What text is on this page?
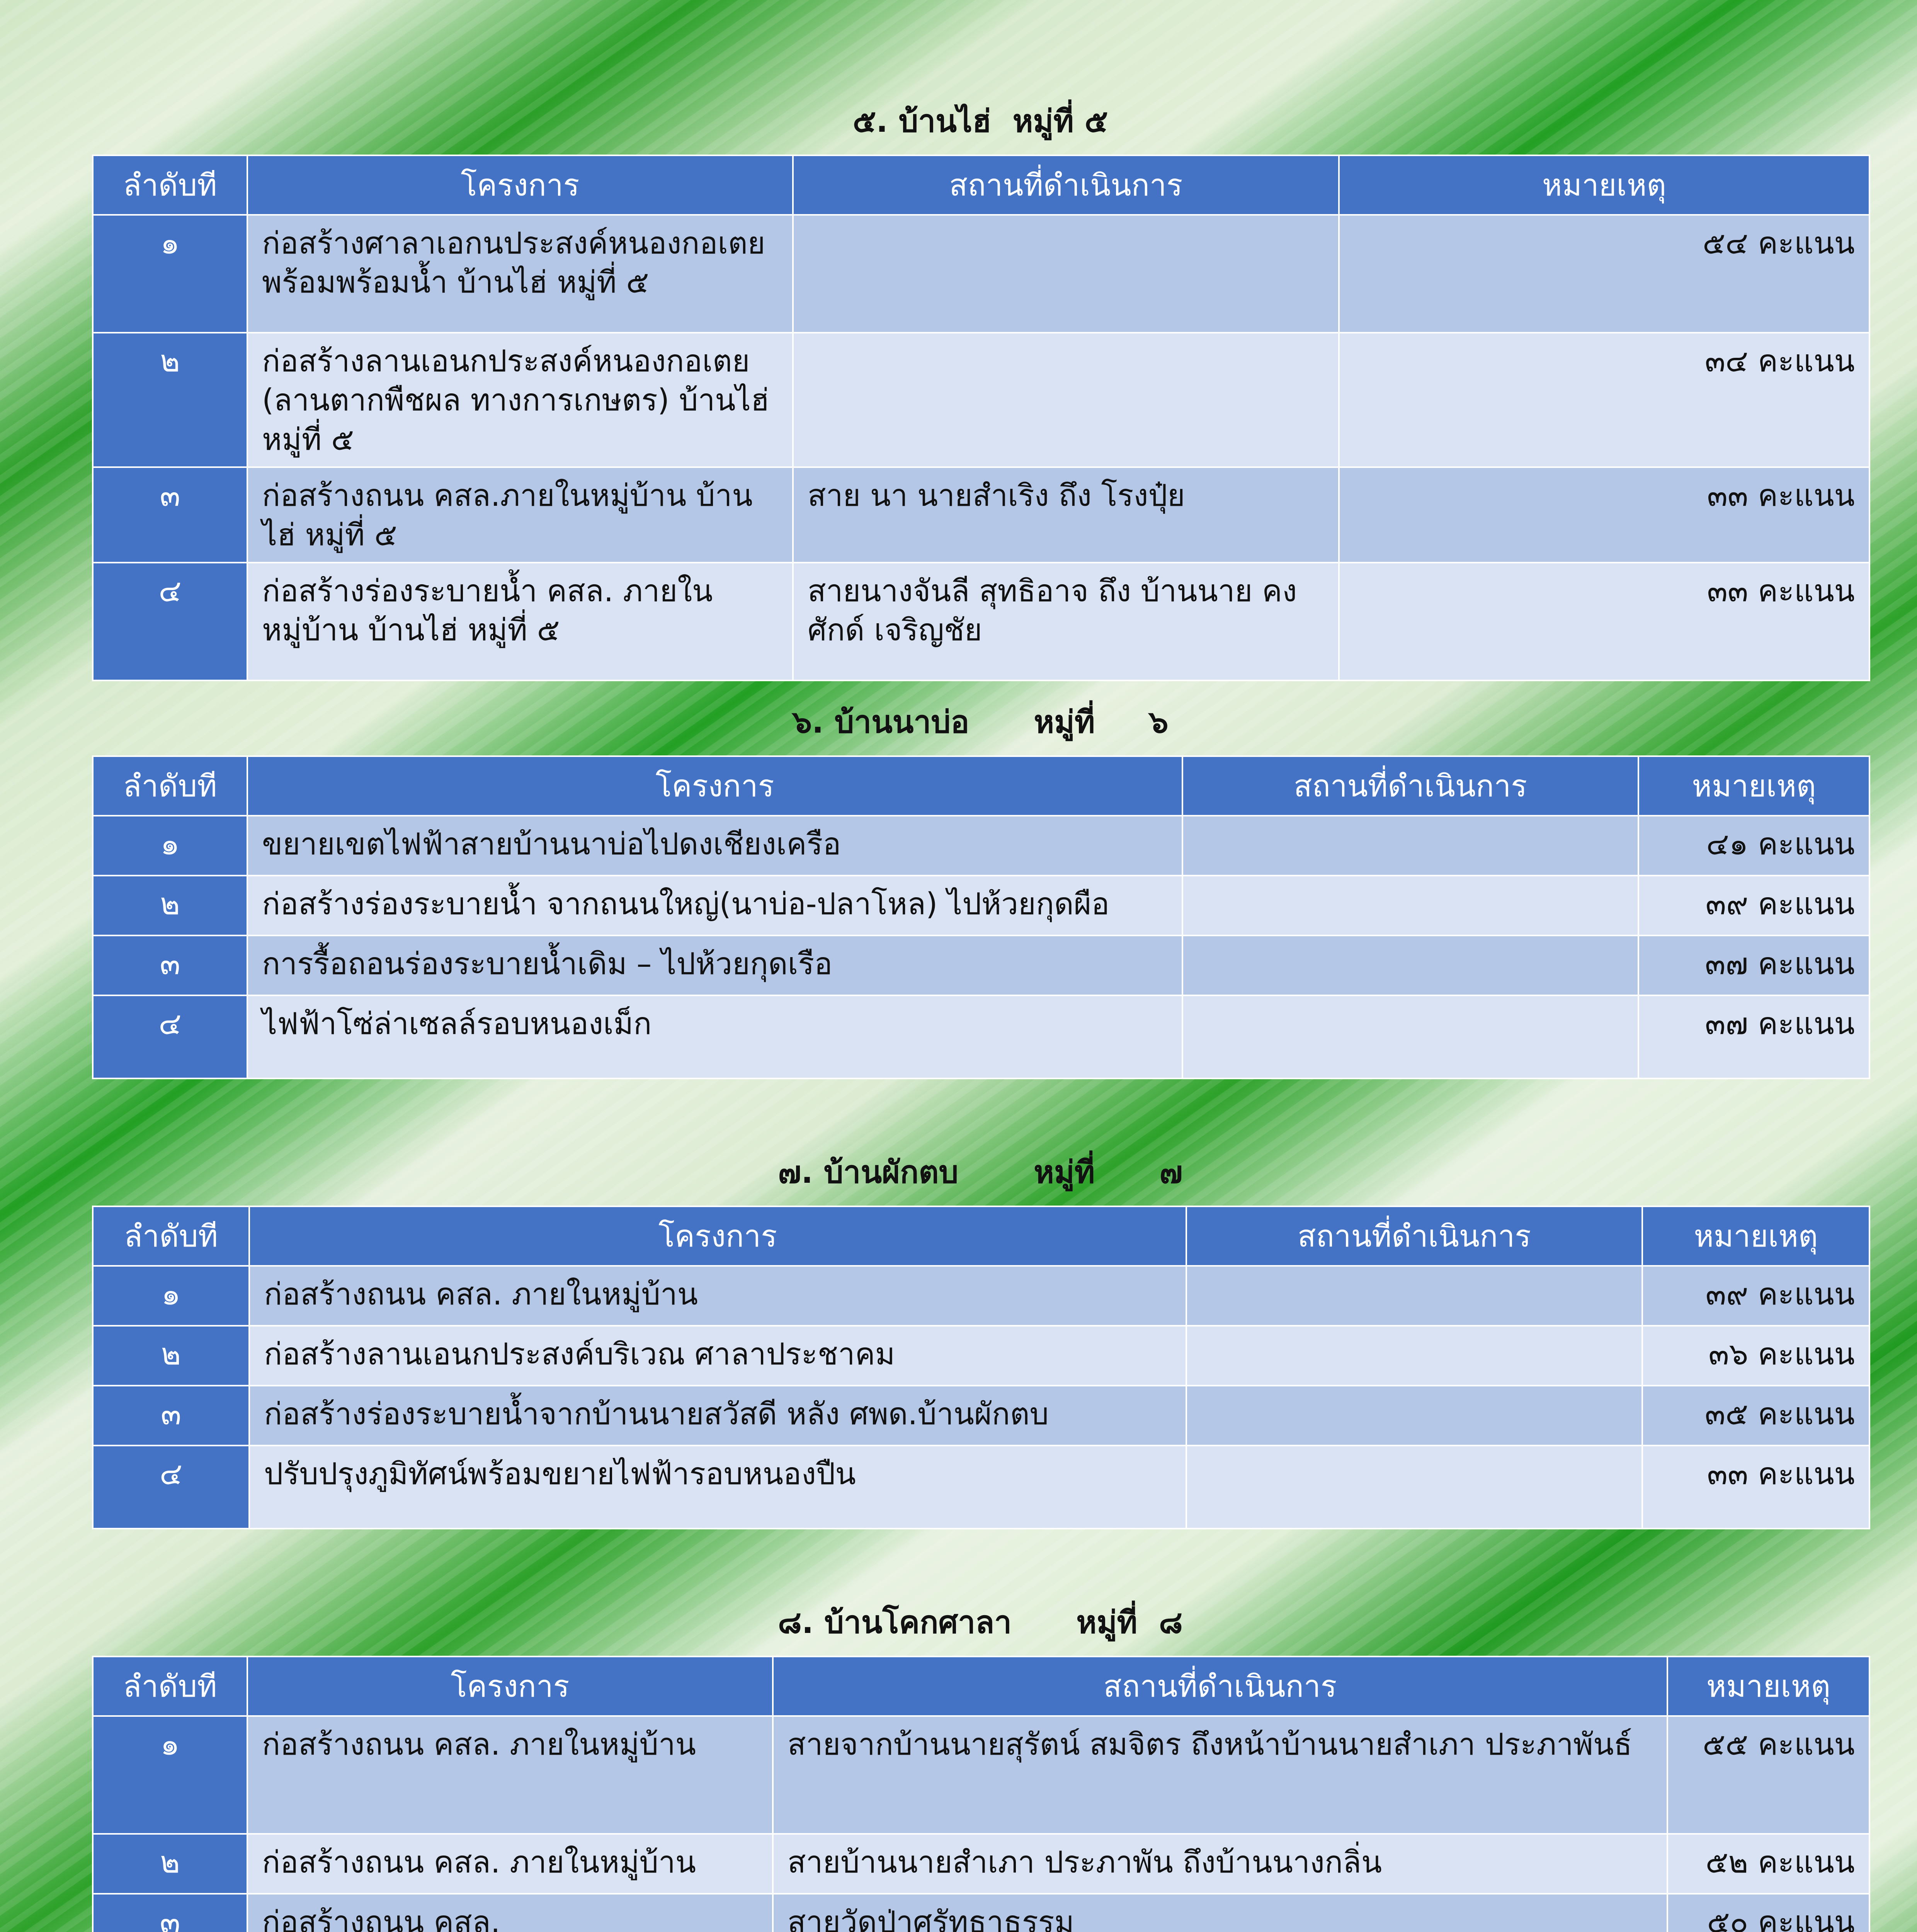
๕. บ้านไฮ่  หมู่ที่ ๕
ลำดับที	โครงการ	สถานที่ดำเนินการ	หมายเหตุ
๑	ก่อสร้างศาลาเอกนประสงค์หนองกอเตยพร้อมพร้อมน้ำ บ้านไฮ่ หมู่ที่ ๕		๕๔ คะแนน
๒	ก่อสร้างลานเอนกประสงค์หนองกอเตย (ลานตากพืชผล ทางการเกษตร) บ้านไฮ่ หมู่ที่ ๕		๓๔ คะแนน
๓	ก่อสร้างถนน คสล.ภายในหมู่บ้าน บ้านไฮ่ หมู่ที่ ๕	สาย นา นายสำเริง ถึง โรงปุ๋ย	๓๓ คะแนน
๔	ก่อสร้างร่องระบายน้ำ คสล. ภายในหมู่บ้าน บ้านไฮ่ หมู่ที่ ๕	สายนางจันลี สุทธิอาจ ถึง บ้านนาย คงศักด์ เจริญชัย	๓๓ คะแนน
๖. บ้านนาบ่อ      หมู่ที่     ๖
ลำดับที	โครงการ	สถานที่ดำเนินการ	หมายเหตุ
๑	ขยายเขตไฟฟ้าสายบ้านนาบ่อไปดงเชียงเครือ		๔๑ คะแนน
๒	ก่อสร้างร่องระบายน้ำ จากถนนใหญ่(นาบ่อ-ปลาโหล) ไปห้วยกุดผือ		๓๙ คะแนน
๓	การรื้อถอนร่องระบายน้ำเดิม – ไปห้วยกุดเรือ		๓๗ คะแนน
๔	ไฟฟ้าโซ่ล่าเซลล์รอบหนองเม็ก		๓๗ คะแนน
๗. บ้านผักตบ       หมู่ที่      ๗
ลำดับที	โครงการ	สถานที่ดำเนินการ	หมายเหตุ
๑	ก่อสร้างถนน คสล. ภายในหมู่บ้าน		๓๙ คะแนน
๒	ก่อสร้างลานเอนกประสงค์บริเวณ ศาลาประชาคม		๓๖ คะแนน
๓	ก่อสร้างร่องระบายน้ำจากบ้านนายสวัสดี หลัง ศพด.บ้านผักตบ		๓๕ คะแนน
๔	ปรับปรุงภูมิทัศน์พร้อมขยายไฟฟ้ารอบหนองปืน		๓๓ คะแนน
๘. บ้านโคกศาลา      หมู่ที่  ๘
ลำดับที	โครงการ	สถานที่ดำเนินการ	หมายเหตุ
๑	ก่อสร้างถนน คสล. ภายในหมู่บ้าน	สายจากบ้านนายสุรัตน์ สมจิตร ถึงหน้าบ้านนายสำเภา ประภาพันธ์	๕๕ คะแนน
๒	ก่อสร้างถนน คสล. ภายในหมู่บ้าน	สายบ้านนายสำเภา ประภาพัน ถึงบ้านนางกลิ่น	๕๒ คะแนน
๓	ก่อสร้างถนน คสล.	สายวัดป่าศรัทธาธรรม	๕๐ คะแนน
